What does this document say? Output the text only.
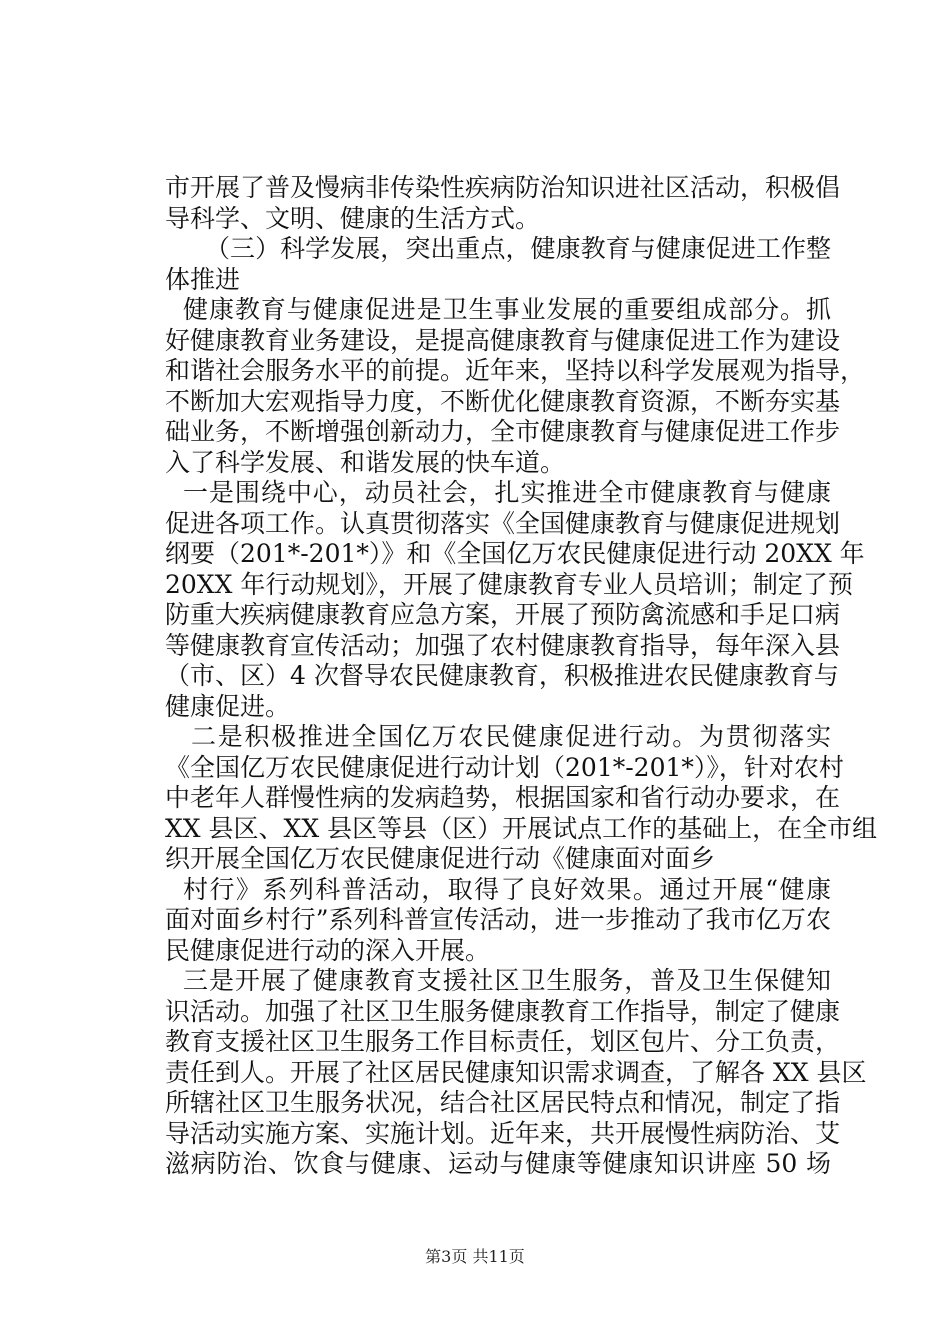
市开展了普及慢病非传染性疾病防治知识进社区活动，积极倡
导科学、文明、健康的生活方式。
（三）科学发展，突出重点，健康教育与健康促进工作整
体推进
健康教育与健康促进是卫生事业发展的重要组成部分。抓
好健康教育业务建设，是提高健康教育与健康促进工作为建设
和谐社会服务水平的前提。近年来，坚持以科学发展观为指导，
不断加大宏观指导力度，不断优化健康教育资源，不断夯实基
础业务，不断增强创新动力，全市健康教育与健康促进工作步
入了科学发展、和谐发展的快车道。
一是围绕中心，动员社会，扎实推进全市健康教育与健康
促进各项工作。认真贯彻落实《全国健康教育与健康促进规划
纲要（201*-201*）》和《全国亿万农民健康促进行动 20XX 年
20XX 年行动规划》，开展了健康教育专业人员培训；制定了预
防重大疾病健康教育应急方案，开展了预防禽流感和手足口病
等健康教育宣传活动；加强了农村健康教育指导，每年深入县
（市、区）4 次督导农民健康教育，积极推进农民健康教育与
健康促进。
二是积极推进全国亿万农民健康促进行动。为贯彻落实
《全国亿万农民健康促进行动计划（201*-201*）》，针对农村
中老年人群慢性病的发病趋势，根据国家和省行动办要求，在
XX 县区、XX 县区等县（区）开展试点工作的基础上，在全市组
织开展全国亿万农民健康促进行动《健康面对面乡
村行》系列科普活动，取得了良好效果。通过开展“健康
面对面乡村行”系列科普宣传活动，进一步推动了我市亿万农
民健康促进行动的深入开展。
三是开展了健康教育支援社区卫生服务，普及卫生保健知
识活动。加强了社区卫生服务健康教育工作指导，制定了健康
教育支援社区卫生服务工作目标责任，划区包片、分工负责，
责任到人。开展了社区居民健康知识需求调查，了解各 XX 县区
所辖社区卫生服务状况，结合社区居民特点和情况，制定了指
导活动实施方案、实施计划。近年来，共开展慢性病防治、艾
滋病防治、饮食与健康、运动与健康等健康知识讲座 50 场
第3页 共11页
